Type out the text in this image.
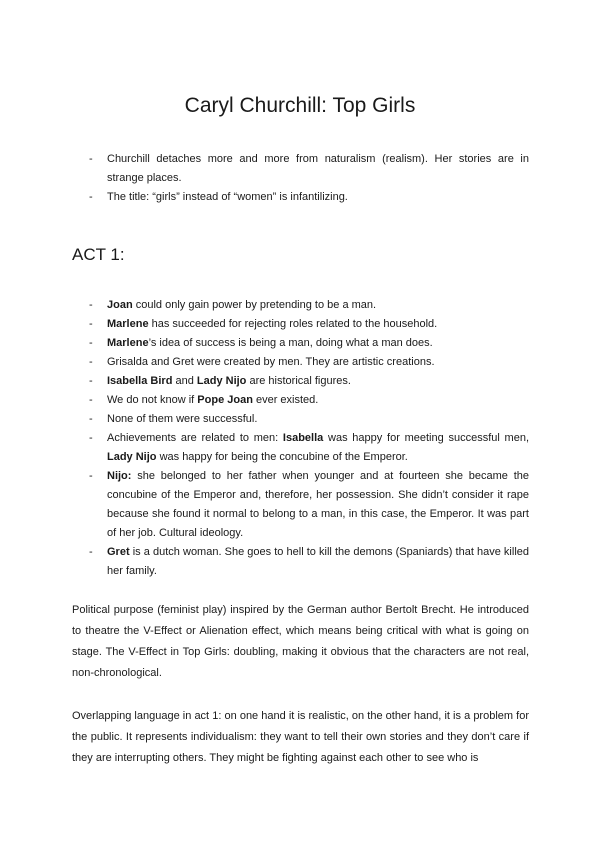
Caryl Churchill: Top Girls
- Churchill detaches more and more from naturalism (realism). Her stories are in strange places.
- The title: “girls” instead of “women” is infantilizing.
ACT 1:
- Joan could only gain power by pretending to be a man.
- Marlene has succeeded for rejecting roles related to the household.
- Marlene’s idea of success is being a man, doing what a man does.
- Grisalda and Gret were created by men. They are artistic creations.
- Isabella Bird and Lady Nijo are historical figures.
- We do not know if Pope Joan ever existed.
- None of them were successful.
- Achievements are related to men: Isabella was happy for meeting successful men, Lady Nijo was happy for being the concubine of the Emperor.
- Nijo: she belonged to her father when younger and at fourteen she became the concubine of the Emperor and, therefore, her possession. She didn’t consider it rape because she found it normal to belong to a man, in this case, the Emperor. It was part of her job. Cultural ideology.
- Gret is a dutch woman. She goes to hell to kill the demons (Spaniards) that have killed her family.

Political purpose (feminist play) inspired by the German author Bertolt Brecht. He introduced to theatre the V-Effect or Alienation effect, which means being critical with what is going on stage. The V-Effect in Top Girls: doubling, making it obvious that the characters are not real, non-chronological.

Overlapping language in act 1: on one hand it is realistic, on the other hand, it is a problem for the public. It represents individualism: they want to tell their own stories and they don’t care if they are interrupting others. They might be fighting against each other to see who is
